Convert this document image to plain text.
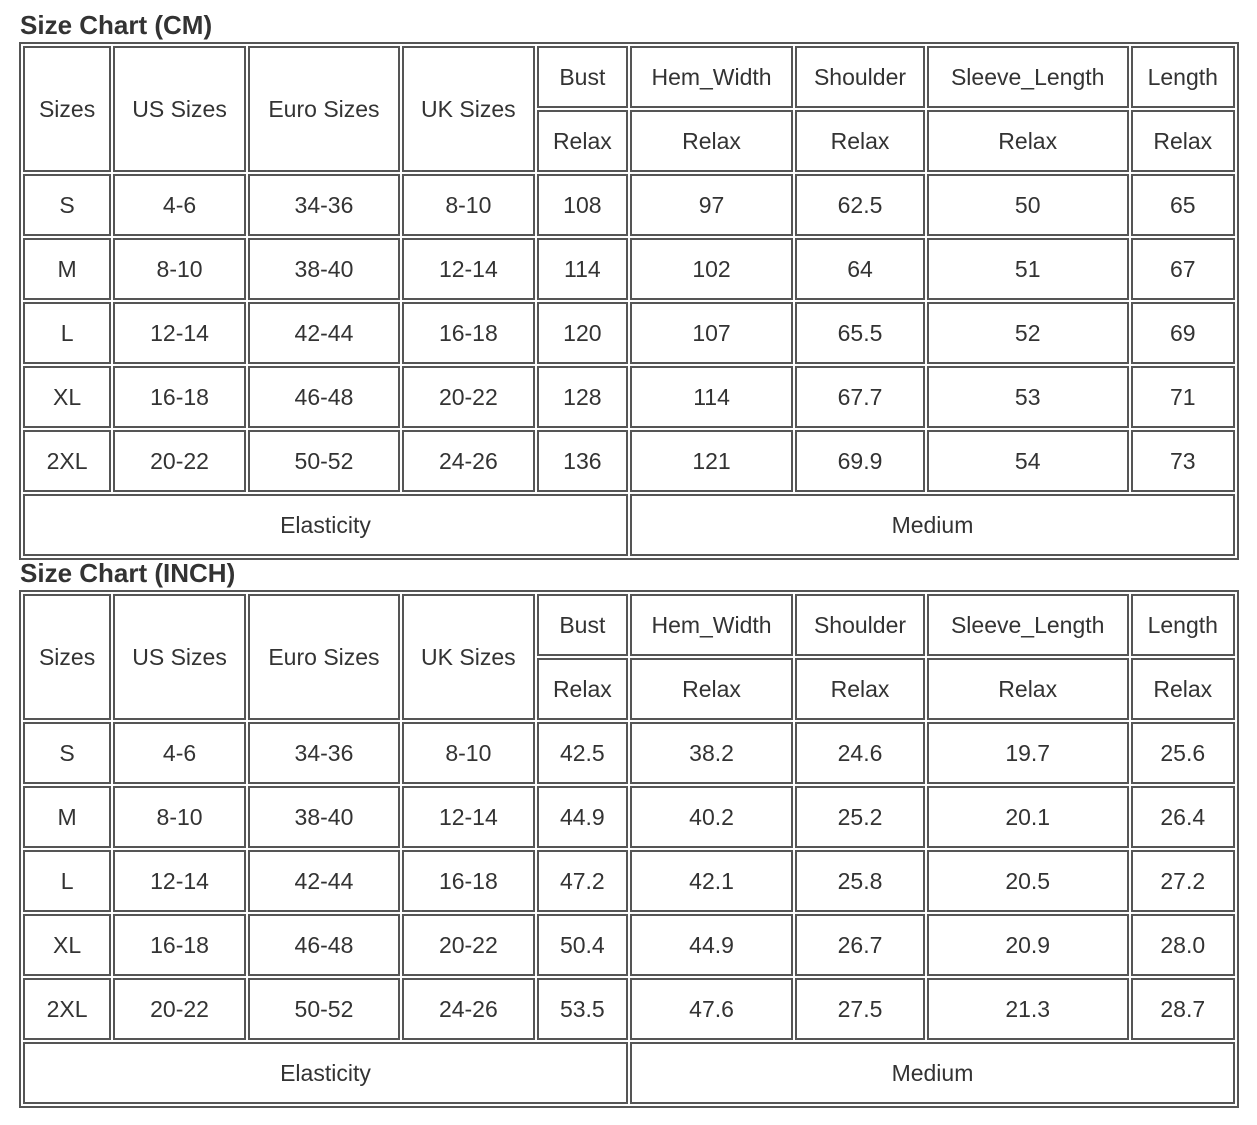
Size Chart (CM)
Sizes	US Sizes	Euro Sizes	UK Sizes	Bust	Hem_Width	Shoulder	Sleeve_Length	Length
				Relax	Relax	Relax	Relax	Relax
S	4-6	34-36	8-10	108	97	62.5	50	65
M	8-10	38-40	12-14	114	102	64	51	67
L	12-14	42-44	16-18	120	107	65.5	52	69
XL	16-18	46-48	20-22	128	114	67.7	53	71
2XL	20-22	50-52	24-26	136	121	69.9	54	73
Elasticity					Medium			
Size Chart (INCH)
Sizes	US Sizes	Euro Sizes	UK Sizes	Bust	Hem_Width	Shoulder	Sleeve_Length	Length
				Relax	Relax	Relax	Relax	Relax
S	4-6	34-36	8-10	42.5	38.2	24.6	19.7	25.6
M	8-10	38-40	12-14	44.9	40.2	25.2	20.1	26.4
L	12-14	42-44	16-18	47.2	42.1	25.8	20.5	27.2
XL	16-18	46-48	20-22	50.4	44.9	26.7	20.9	28.0
2XL	20-22	50-52	24-26	53.5	47.6	27.5	21.3	28.7
Elasticity					Medium			
